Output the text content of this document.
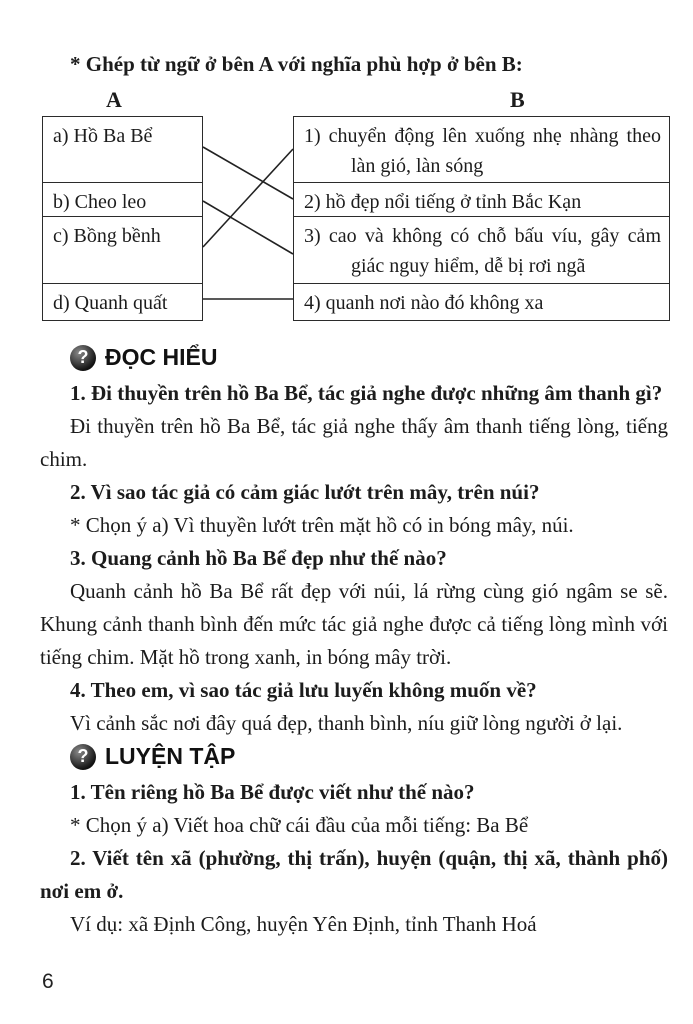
* Ghép từ ngữ ở bên A với nghĩa phù hợp ở bên B:

A	B
a) Hồ Ba Bể
b) Cheo leo
c) Bồng bềnh
d) Quanh quất
1) chuyển động lên xuống nhẹ nhàng theo làn gió, làn sóng
2) hồ đẹp nổi tiếng ở tỉnh Bắc Kạn
3) cao và không có chỗ bấu víu, gây cảm giác nguy hiểm, dễ bị rơi ngã
4) quanh nơi nào đó không xa
? ĐỌC HIỂU

1. Đi thuyền trên hồ Ba Bể, tác giả nghe được những âm thanh gì?

Đi thuyền trên hồ Ba Bể, tác giả nghe thấy âm thanh tiếng lòng, tiếng chim.

2. Vì sao tác giả có cảm giác lướt trên mây, trên núi?

* Chọn ý a) Vì thuyền lướt trên mặt hồ có in bóng mây, núi.

3. Quang cảnh hồ Ba Bể đẹp như thế nào?

Quanh cảnh hồ Ba Bể rất đẹp với núi, lá rừng cùng gió ngâm se sẽ. Khung cảnh thanh bình đến mức tác giả nghe được cả tiếng lòng mình với tiếng chim. Mặt hồ trong xanh, in bóng mây trời.

4. Theo em, vì sao tác giả lưu luyến không muốn về?

Vì cảnh sắc nơi đây quá đẹp, thanh bình, níu giữ lòng người ở lại.

? LUYỆN TẬP

1. Tên riêng hồ Ba Bể được viết như thế nào?

* Chọn ý a) Viết hoa chữ cái đầu của mỗi tiếng: Ba Bể

2. Viết tên xã (phường, thị trấn), huyện (quận, thị xã, thành phố) nơi em ở.

Ví dụ: xã Định Công, huyện Yên Định, tỉnh Thanh Hoá

6
